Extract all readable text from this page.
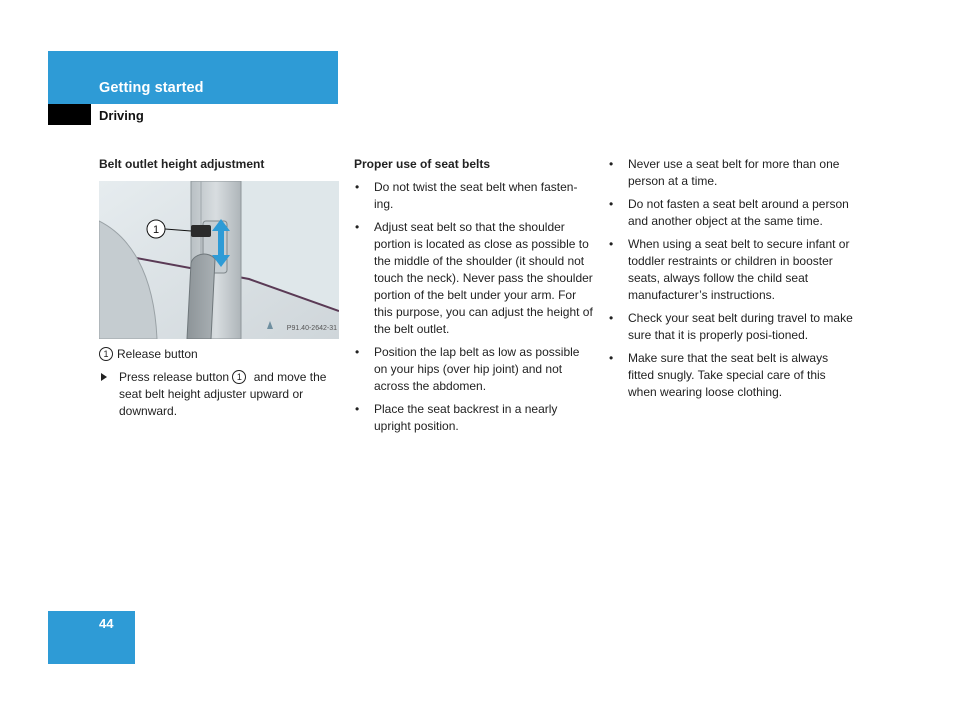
Getting started
Driving
Belt outlet height adjustment
1
P91.40-2642-31
1 Release button
Press release button 1 and move the seat belt height adjuster upward or downward.
Proper use of seat belts
• Do not twist the seat belt when fasten-ing.
• Adjust seat belt so that the shoulder portion is located as close as possible to the middle of the shoulder (it should not touch the neck). Never pass the shoulder portion of the belt under your arm. For this purpose, you can adjust the height of the belt outlet.
• Position the lap belt as low as possible on your hips (over hip joint) and not across the abdomen.
• Place the seat backrest in a nearly upright position.
• Never use a seat belt for more than one person at a time.
• Do not fasten a seat belt around a person and another object at the same time.
• When using a seat belt to secure infant or toddler restraints or children in booster seats, always follow the child seat manufacturer’s instructions.
• Check your seat belt during travel to make sure that it is properly posi-tioned.
• Make sure that the seat belt is always fitted snugly. Take special care of this when wearing loose clothing.
44
